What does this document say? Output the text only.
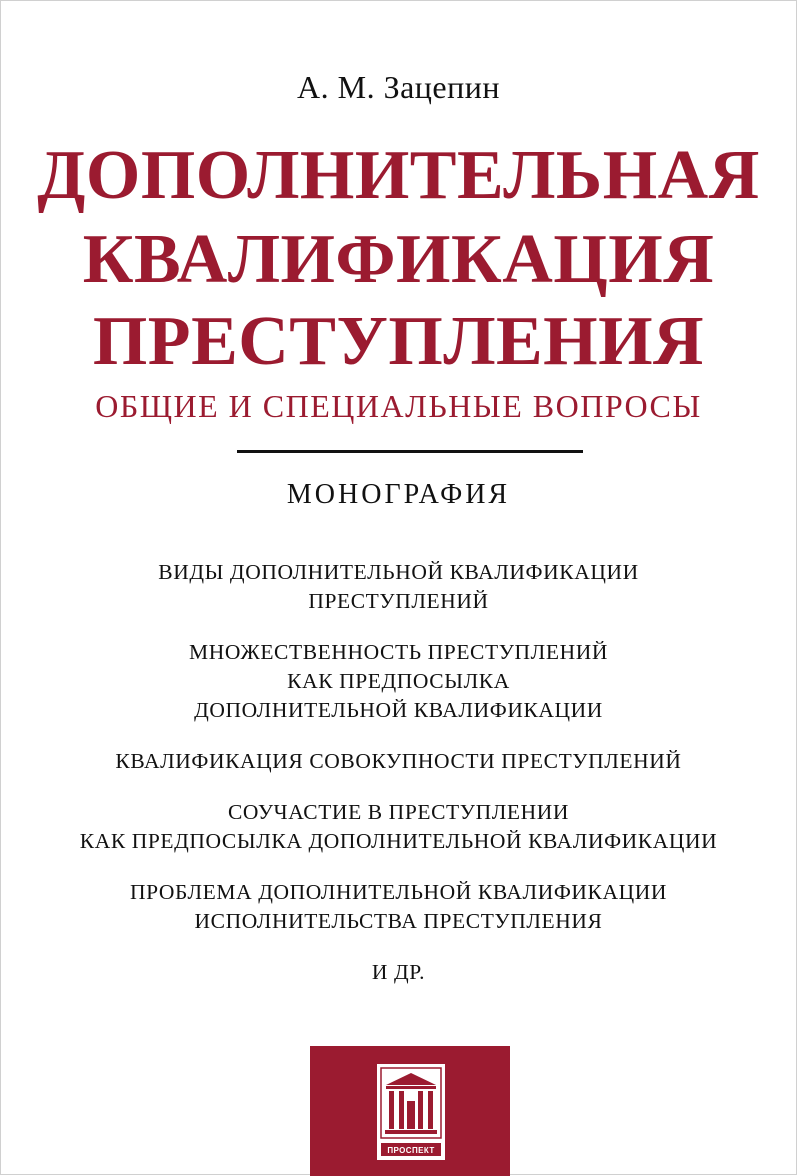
А. М. Зацепин
ДОПОЛНИТЕЛЬНАЯ
КВАЛИФИКАЦИЯ
ПРЕСТУПЛЕНИЯ
ОБЩИЕ И СПЕЦИАЛЬНЫЕ ВОПРОСЫ
МОНОГРАФИЯ
ВИДЫ ДОПОЛНИТЕЛЬНОЙ КВАЛИФИКАЦИИ
ПРЕСТУПЛЕНИЙ
МНОЖЕСТВЕННОСТЬ ПРЕСТУПЛЕНИЙ
КАК ПРЕДПОСЫЛКА
ДОПОЛНИТЕЛЬНОЙ КВАЛИФИКАЦИИ
КВАЛИФИКАЦИЯ СОВОКУПНОСТИ ПРЕСТУПЛЕНИЙ
СОУЧАСТИЕ В ПРЕСТУПЛЕНИИ
КАК ПРЕДПОСЫЛКА ДОПОЛНИТЕЛЬНОЙ КВАЛИФИКАЦИИ
ПРОБЛЕМА ДОПОЛНИТЕЛЬНОЙ КВАЛИФИКАЦИИ
ИСПОЛНИТЕЛЬСТВА ПРЕСТУПЛЕНИЯ
И ДР.
ПРОСПЕКТ
